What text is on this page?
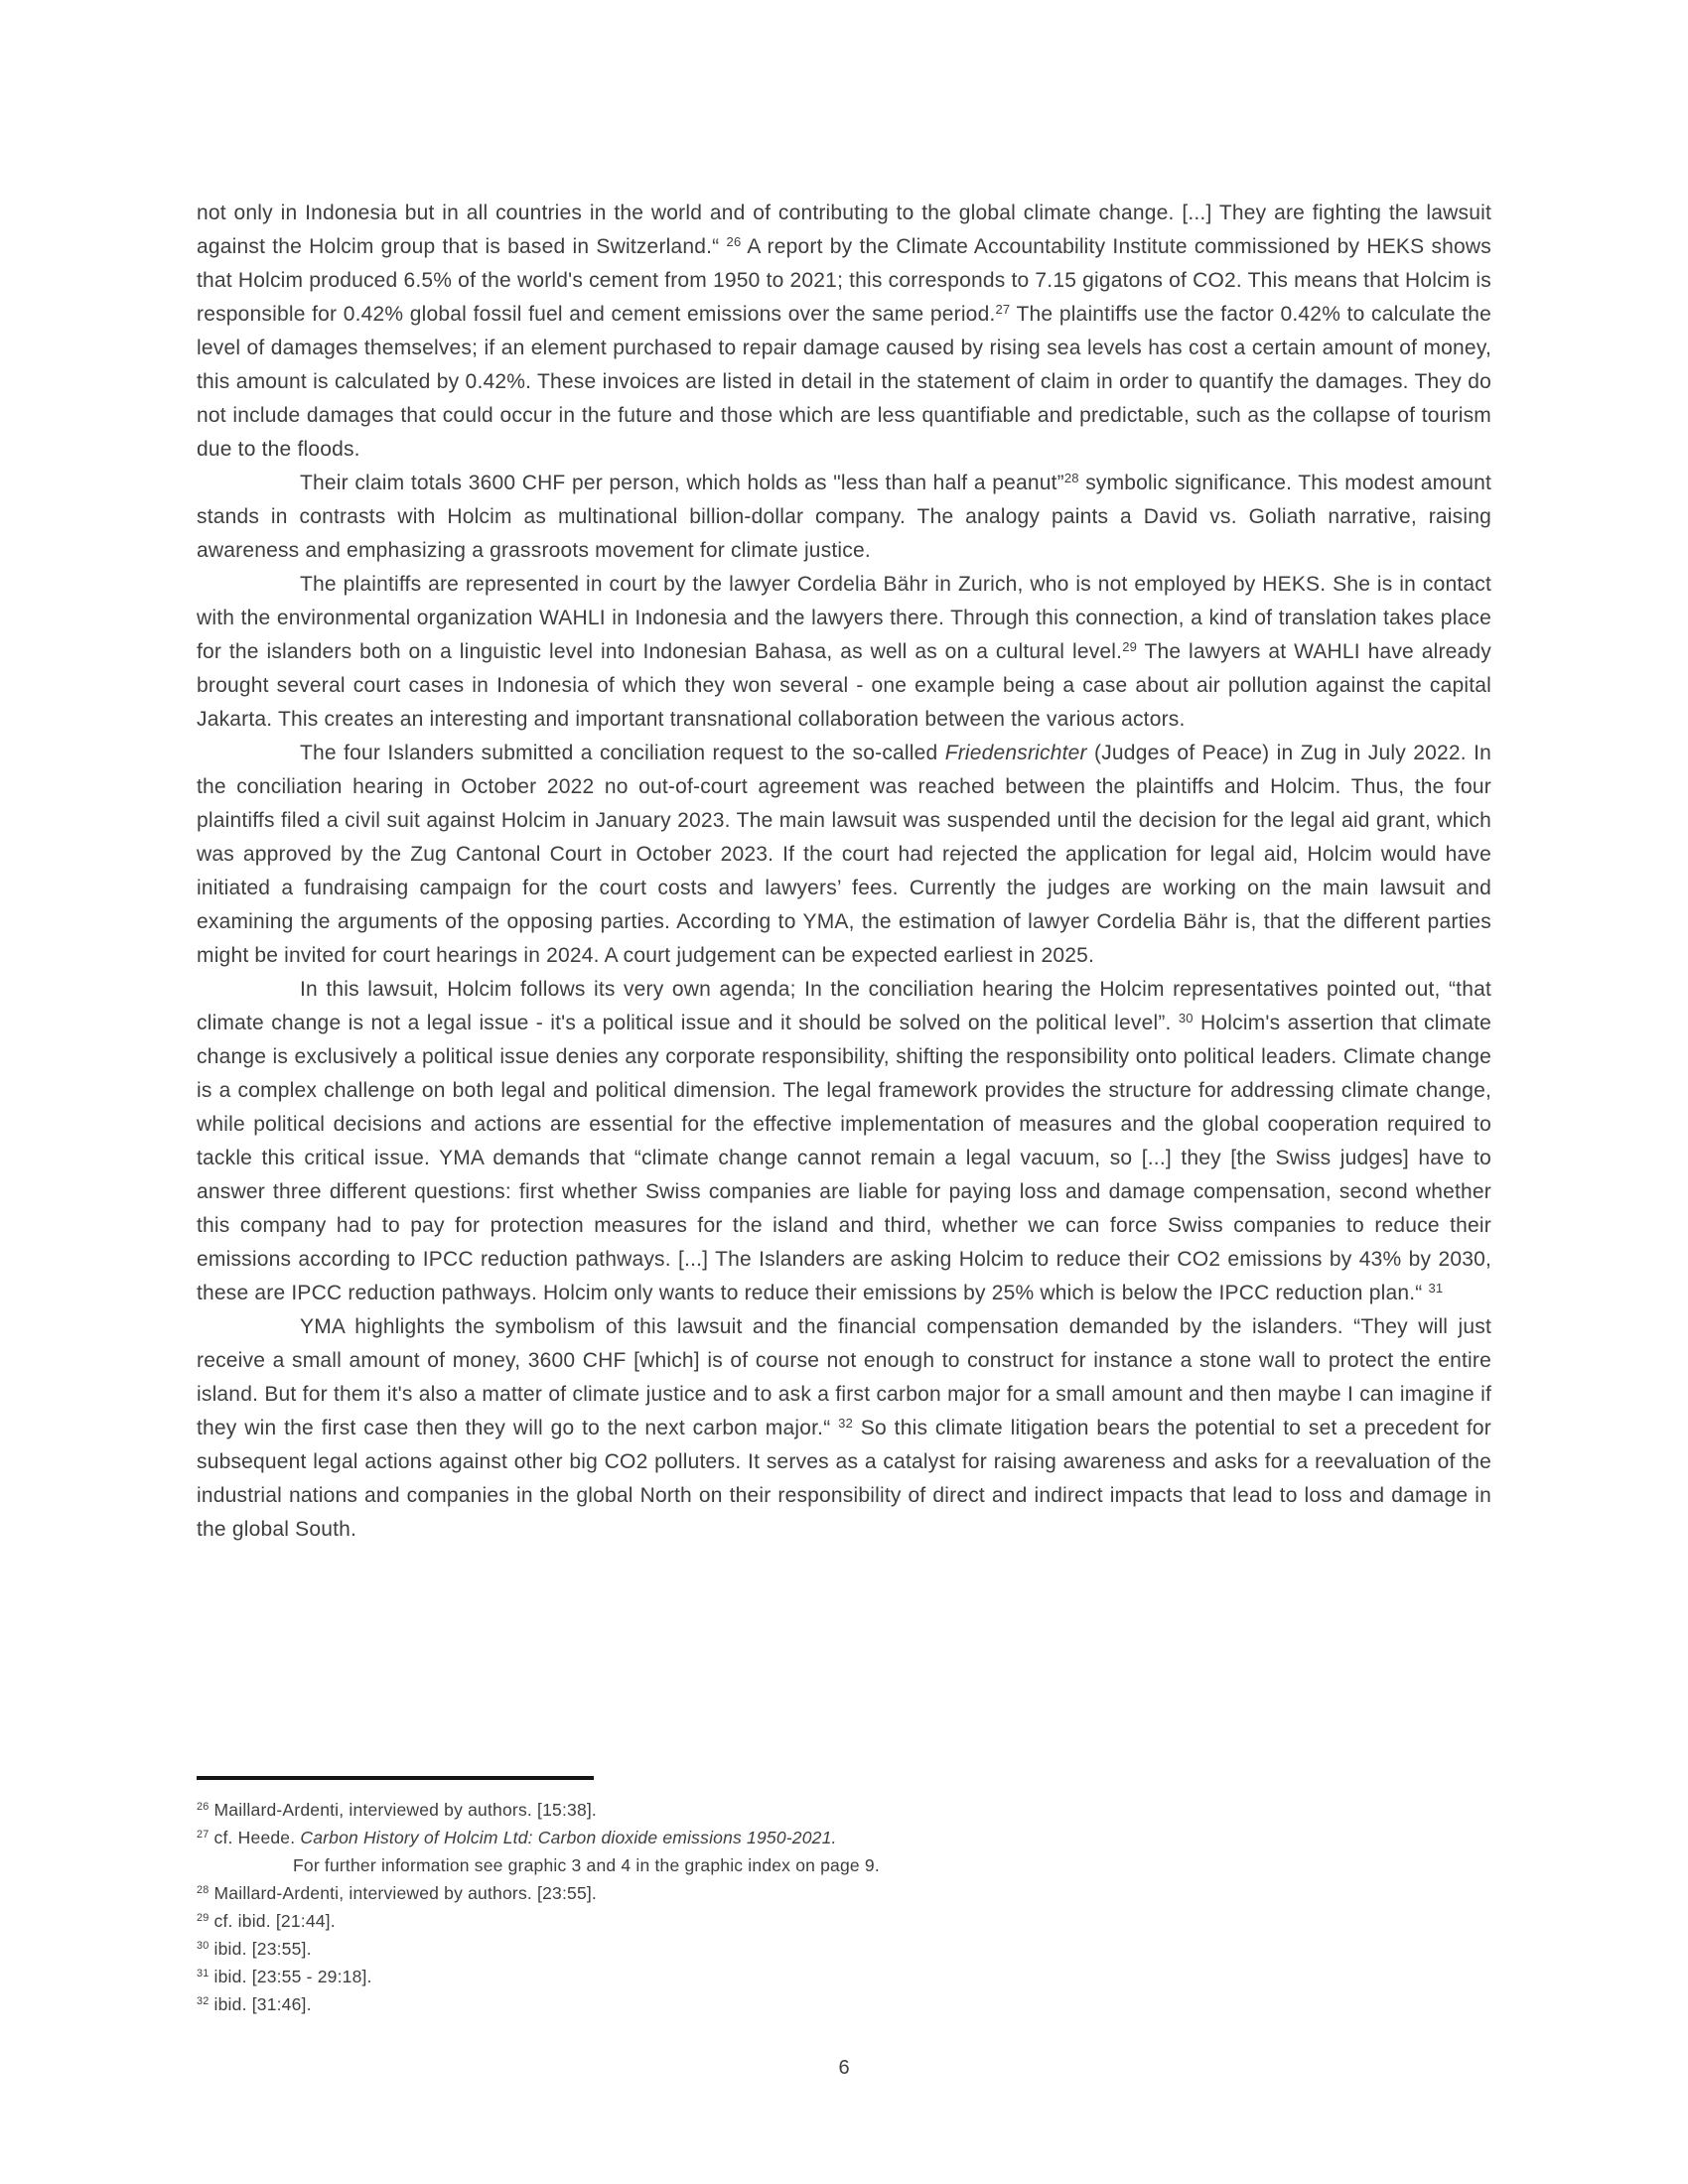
not only in Indonesia but in all countries in the world and of contributing to the global climate change. [...] They are fighting the lawsuit against the Holcim group that is based in Switzerland.“ $^{26}$ A report by the Climate Accountability Institute commissioned by HEKS shows that Holcim produced 6.5% of the world's cement from 1950 to 2021; this corresponds to 7.15 gigatons of CO2. This means that Holcim is responsible for 0.42% global fossil fuel and cement emissions over the same period.$^{27}$ The plaintiffs use the factor 0.42% to calculate the level of damages themselves; if an element purchased to repair damage caused by rising sea levels has cost a certain amount of money, this amount is calculated by 0.42%. These invoices are listed in detail in the statement of claim in order to quantify the damages. They do not include damages that could occur in the future and those which are less quantifiable and predictable, such as the collapse of tourism due to the floods.

Their claim totals 3600 CHF per person, which holds as "less than half a peanut”$^{28}$ symbolic significance. This modest amount stands in contrasts with Holcim as multinational billion-dollar company. The analogy paints a David vs. Goliath narrative, raising awareness and emphasizing a grassroots movement for climate justice.

The plaintiffs are represented in court by the lawyer Cordelia Bähr in Zurich, who is not employed by HEKS. She is in contact with the environmental organization WAHLI in Indonesia and the lawyers there. Through this connection, a kind of translation takes place for the islanders both on a linguistic level into Indonesian Bahasa, as well as on a cultural level.$^{29}$ The lawyers at WAHLI have already brought several court cases in Indonesia of which they won several - one example being a case about air pollution against the capital Jakarta. This creates an interesting and important transnational collaboration between the various actors.

The four Islanders submitted a conciliation request to the so-called Friedensrichter (Judges of Peace) in Zug in July 2022. In the conciliation hearing in October 2022 no out-of-court agreement was reached between the plaintiffs and Holcim. Thus, the four plaintiffs filed a civil suit against Holcim in January 2023. The main lawsuit was suspended until the decision for the legal aid grant, which was approved by the Zug Cantonal Court in October 2023. If the court had rejected the application for legal aid, Holcim would have initiated a fundraising campaign for the court costs and lawyers’ fees. Currently the judges are working on the main lawsuit and examining the arguments of the opposing parties. According to YMA, the estimation of lawyer Cordelia Bähr is, that the different parties might be invited for court hearings in 2024. A court judgement can be expected earliest in 2025.

In this lawsuit, Holcim follows its very own agenda; In the conciliation hearing the Holcim representatives pointed out, “that climate change is not a legal issue - it's a political issue and it should be solved on the political level”. $^{30}$ Holcim's assertion that climate change is exclusively a political issue denies any corporate responsibility, shifting the responsibility onto political leaders. Climate change is a complex challenge on both legal and political dimension. The legal framework provides the structure for addressing climate change, while political decisions and actions are essential for the effective implementation of measures and the global cooperation required to tackle this critical issue. YMA demands that “climate change cannot remain a legal vacuum, so [...] they [the Swiss judges] have to answer three different questions: first whether Swiss companies are liable for paying loss and damage compensation, second whether this company had to pay for protection measures for the island and third, whether we can force Swiss companies to reduce their emissions according to IPCC reduction pathways. [...] The Islanders are asking Holcim to reduce their CO2 emissions by 43% by 2030, these are IPCC reduction pathways. Holcim only wants to reduce their emissions by 25% which is below the IPCC reduction plan.“ $^{31}$

YMA highlights the symbolism of this lawsuit and the financial compensation demanded by the islanders. “They will just receive a small amount of money, 3600 CHF [which] is of course not enough to construct for instance a stone wall to protect the entire island. But for them it's also a matter of climate justice and to ask a first carbon major for a small amount and then maybe I can imagine if they win the first case then they will go to the next carbon major.“ $^{32}$ So this climate litigation bears the potential to set a precedent for subsequent legal actions against other big CO2 polluters. It serves as a catalyst for raising awareness and asks for a reevaluation of the industrial nations and companies in the global North on their responsibility of direct and indirect impacts that lead to loss and damage in the global South.

$^{26}$ Maillard-Ardenti, interviewed by authors. [15:38].
$^{27}$ cf. Heede. Carbon History of Holcim Ltd: Carbon dioxide emissions 1950-2021.
For further information see graphic 3 and 4 in the graphic index on page 9.
$^{28}$ Maillard-Ardenti, interviewed by authors. [23:55].
$^{29}$ cf. ibid. [21:44].
$^{30}$ ibid. [23:55].
$^{31}$ ibid. [23:55 - 29:18].
$^{32}$ ibid. [31:46].
6
